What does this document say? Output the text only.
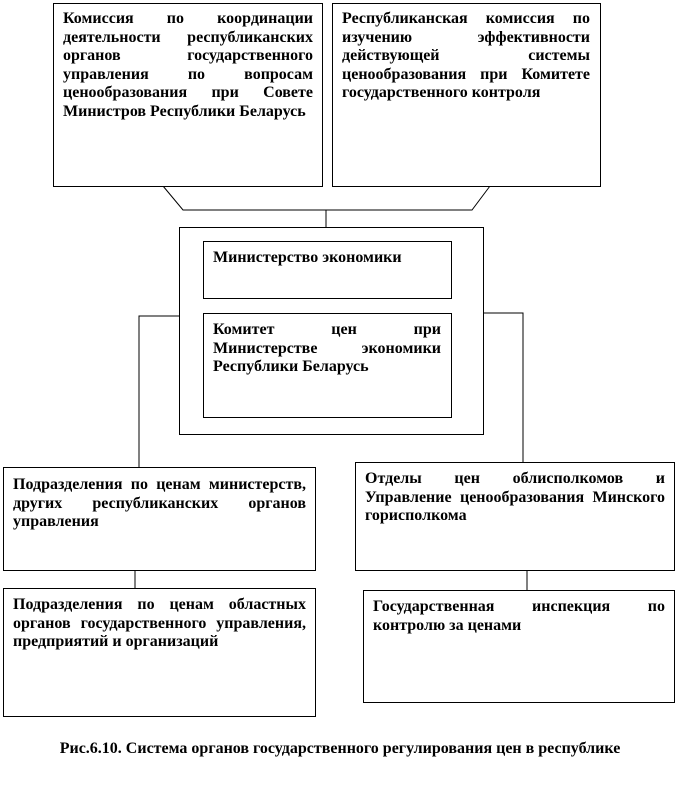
Комиссия по координации деятельности республиканских органов государственного управления по вопросам ценообразования при Совете Министров Республики Беларусь
Республиканская комиссия по изучению эффективности действующей системы ценообразования при Комитете государственного контроля
Министерство экономики
Комитет цен при Министерстве экономики Республики Беларусь
Подразделения по ценам министерств, других республиканских органов управления
Отделы цен облисполкомов и Управление ценообразования Минского горисполкома
Подразделения по ценам областных органов государственного управления, предприятий и организаций
Государственная инспекция по контролю за ценами
Рис.6.10. Система органов государственного регулирования цен в республике
